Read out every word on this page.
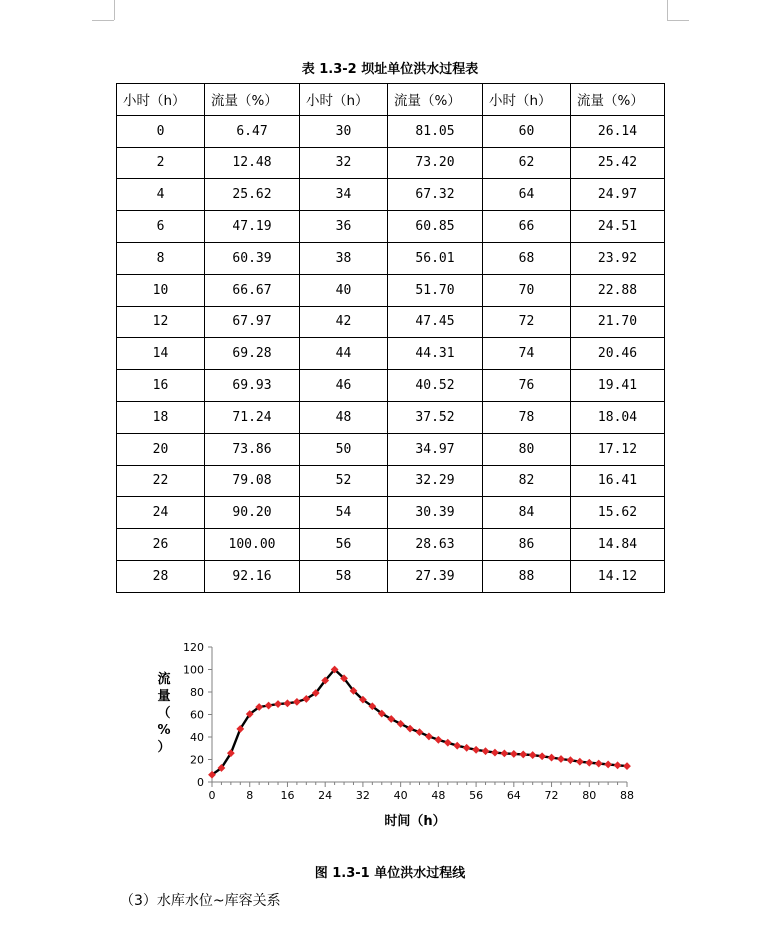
表 1.3-2 坝址单位洪水过程表
小时（h）	流量（%）	小时（h）	流量（%）	小时（h）	流量（%）
0	6.47	30	81.05	60	26.14
2	12.48	32	73.20	62	25.42
4	25.62	34	67.32	64	24.97
6	47.19	36	60.85	66	24.51
8	60.39	38	56.01	68	23.92
10	66.67	40	51.70	70	22.88
12	67.97	42	47.45	72	21.70
14	69.28	44	44.31	74	20.46
16	69.93	46	40.52	76	19.41
18	71.24	48	37.52	78	18.04
20	73.86	50	34.97	80	17.12
22	79.08	52	32.29	82	16.41
24	90.20	54	30.39	84	15.62
26	100.00	56	28.63	86	14.84
28	92.16	58	27.39	88	14.12
0
20
40
60
80
100
120
0	8 16 24 32 40 48 56 64 72 80 88
流量（%）
时间（h）
图 1.3-1 单位洪水过程线
（3）水库水位~库容关系
